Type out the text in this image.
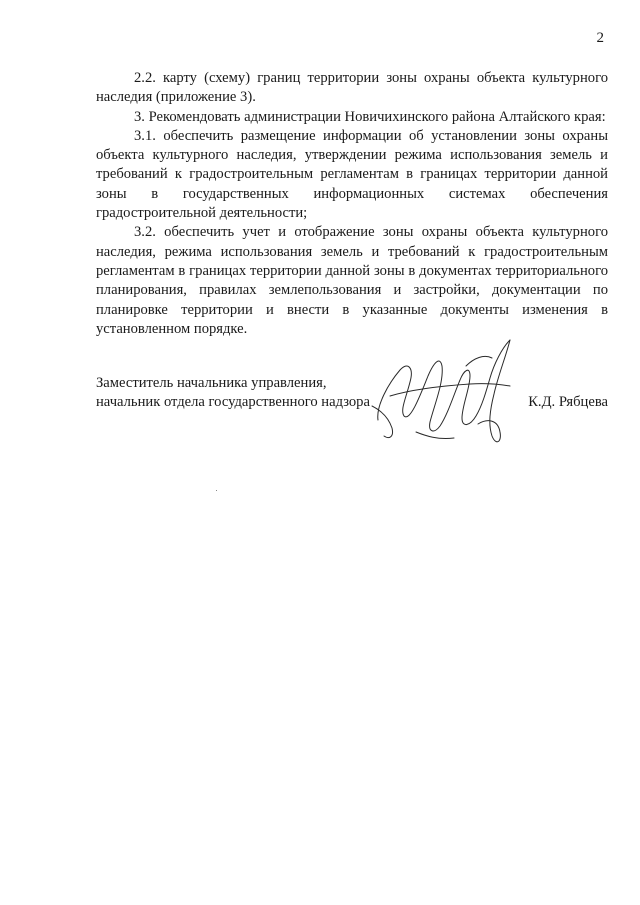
2

2.2. карту (схему) границ территории зоны охраны объекта культурного наследия (приложение 3).

3. Рекомендовать администрации Новичихинского района Алтайского края:

3.1. обеспечить размещение информации об установлении зоны охраны объекта культурного наследия, утверждении режима использования земель и требований к градостроительным регламентам в границах территории данной зоны в государственных информационных системах обеспечения градостроительной деятельности;

3.2. обеспечить учет и отображение зоны охраны объекта культурного наследия, режима использования земель и требований к градостроительным регламентам в границах территории данной зоны в документах территориального планирования, правилах землепользования и застройки, документации по планировке территории и внести в указанные документы изменения в установленном порядке.

Заместитель начальника управления,
начальник отдела государственного надзора	К.Д. Рябцева
